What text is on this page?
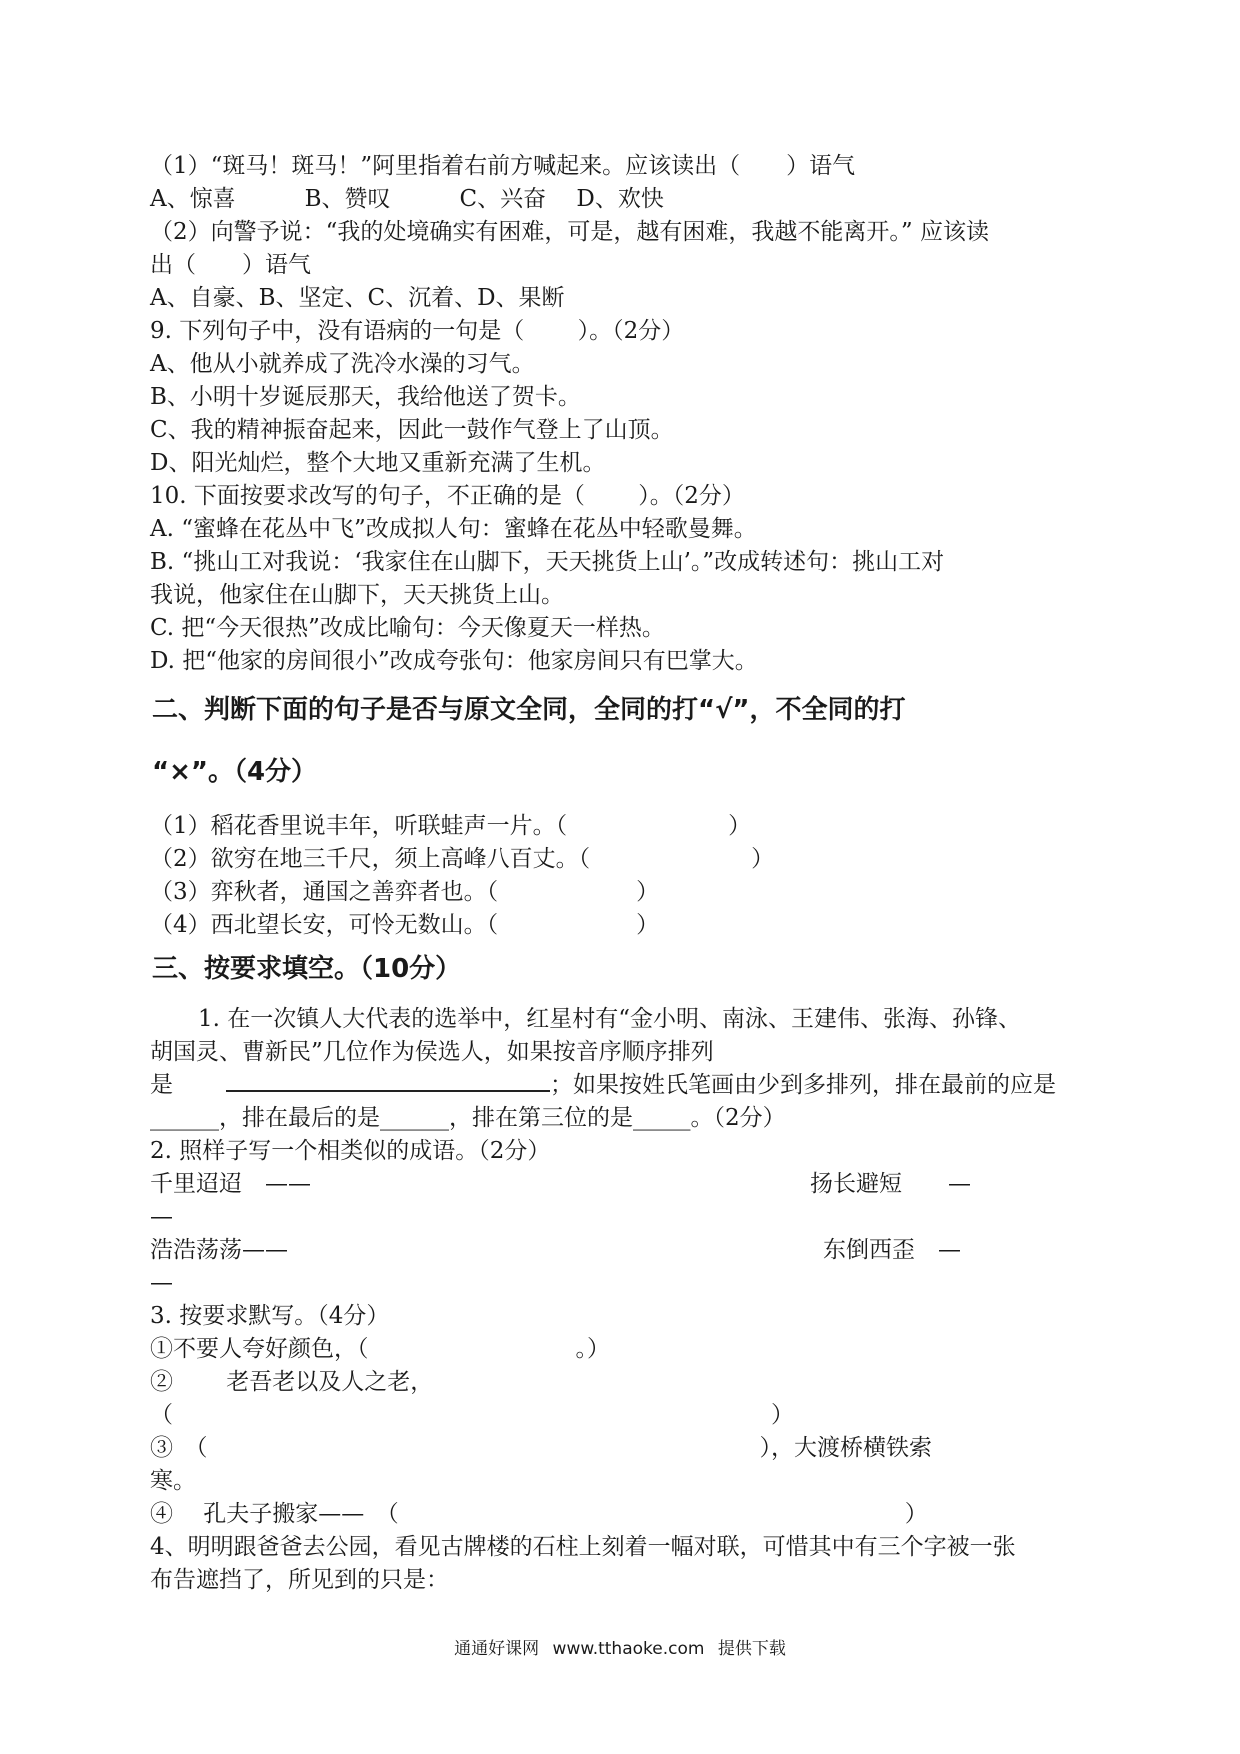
（1）“斑马！斑马！”阿里指着右前方喊起来。应该读出（　　）语气
A、惊喜　　　B、赞叹　　　C、兴奋　 D、欢快
（2）向警予说：“我的处境确实有困难，可是，越有困难，我越不能离开。” 应该读
出（　　）语气
A、自豪、B、坚定、C、沉着、D、果断
9. 下列句子中，没有语病的一句是（　　 ）。（2分）
A、他从小就养成了洗冷水澡的习气。
B、小明十岁诞辰那天，我给他送了贺卡。
C、我的精神振奋起来，因此一鼓作气登上了山顶。
D、阳光灿烂，整个大地又重新充满了生机。
10. 下面按要求改写的句子，不正确的是（　　 ）。（2分）
A. “蜜蜂在花丛中飞”改成拟人句：蜜蜂在花丛中轻歌曼舞。
B. “挑山工对我说：‘我家住在山脚下，天天挑货上山’。”改成转述句：挑山工对
我说，他家住在山脚下，天天挑货上山。
C. 把“今天很热”改成比喻句：今天像夏天一样热。
D. 把“他家的房间很小”改成夸张句：他家房间只有巴掌大。
二、判断下面的句子是否与原文全同，全同的打“√”，不全同的打
“×”。（4分）
（1）稻花香里说丰年，听联蛙声一片。（　　　　　　　）
（2）欲穷在地三千尺，须上高峰八百丈。（　　　　　　　）
（3）弈秋者，通国之善弈者也。（　　　　　　）
（4）西北望长安，可怜无数山。（　　　　　　）
三、按要求填空。（10分）
1. 在一次镇人大代表的选举中，红星村有“金小明、南泳、王建伟、张海、孙锋、
胡国灵、曹新民”几位作为侯选人，如果按音序顺序排列
是	；如果按姓氏笔画由少到多排列，排在最前的应是
______，排在最后的是______，排在第三位的是_____。（2分）
2. 照样子写一个相类似的成语。（2分）
千里迢迢　——	扬长避短　　—
—
浩浩荡荡——	东倒西歪　—
—
3. 按要求默写。（4分）
①不要人夸好颜色，（　　　　　　　　　。）
②　　 老吾老以及人之老，
（　　　　　　　　　　　　　　　　　　　　　　　　　　）
③　（　　　　　　　　　　　　　　　　　　　　　　　　），大渡桥横铁索
寒。
④　 孔夫子搬家——　（　　　　　　　　　　　　　　　　　　　　　　）
4、明明跟爸爸去公园，看见古牌楼的石柱上刻着一幅对联，可惜其中有三个字被一张
布告遮挡了，所见到的只是：
通通好课网 www.tthaoke.com 提供下载
